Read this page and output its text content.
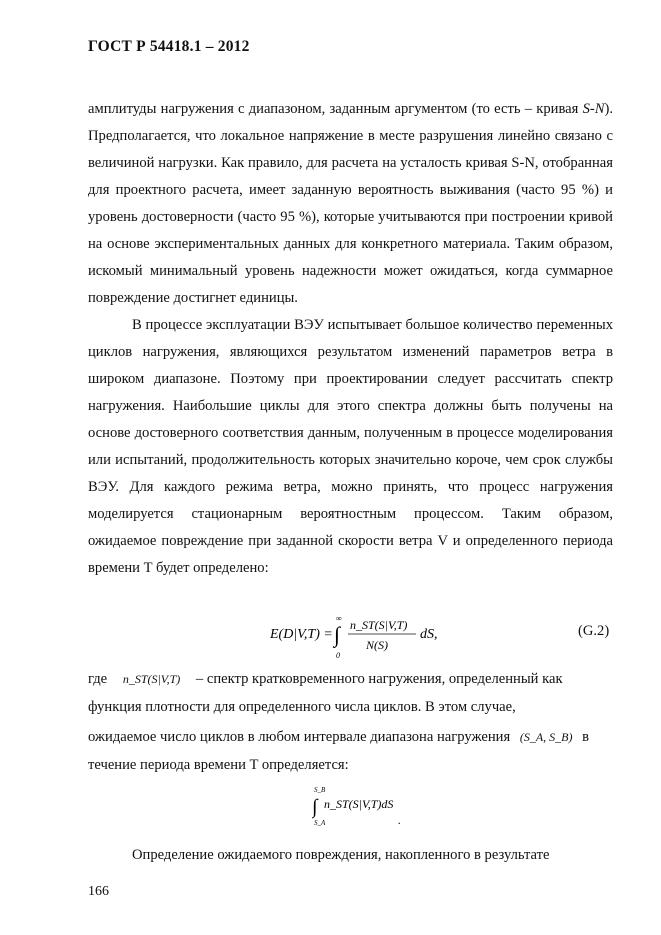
ГОСТ Р 54418.1 – 2012
амплитуды нагружения с диапазоном, заданным аргументом (то есть – кривая S-N). Предполагается, что локальное напряжение в месте разрушения линейно связано с величиной нагрузки. Как правило, для расчета на усталость кривая S-N, отобранная для проектного расчета, имеет заданную вероятность выживания (часто 95 %) и уровень достоверности (часто 95 %), которые учитываются при построении кривой на основе экспериментальных данных для конкретного материала. Таким образом, искомый минимальный уровень надежности может ожидаться, когда суммарное повреждение достигнет единицы.
В процессе эксплуатации ВЭУ испытывает большое количество переменных циклов нагружения, являющихся результатом изменений параметров ветра в широком диапазоне. Поэтому при проектировании следует рассчитать спектр нагружения. Наибольшие циклы для этого спектра должны быть получены на основе достоверного соответствия данным, полученным в процессе моделирования или испытаний, продолжительность которых значительно короче, чем срок службы ВЭУ. Для каждого режима ветра, можно принять, что процесс нагружения моделируется стационарным вероятностным процессом. Таким образом, ожидаемое повреждение при заданной скорости ветра V и определенного периода времени T будет определено:
E(D|V,T) =
∞
∫
0
n_ST(S|V,T)
N(S)
dS,	(G.2)
где n_ST(S|V,T) – спектр кратковременного нагружения, определенный как
функция плотности для определенного числа циклов. В этом случае,
ожидаемое число циклов в любом интервале диапазона нагружения (S_A, S_B) в
течение периода времени T определяется:
S_B
∫
S_A
n_ST(S|V,T)dS
.
Определение ожидаемого повреждения, накопленного в результате
166
